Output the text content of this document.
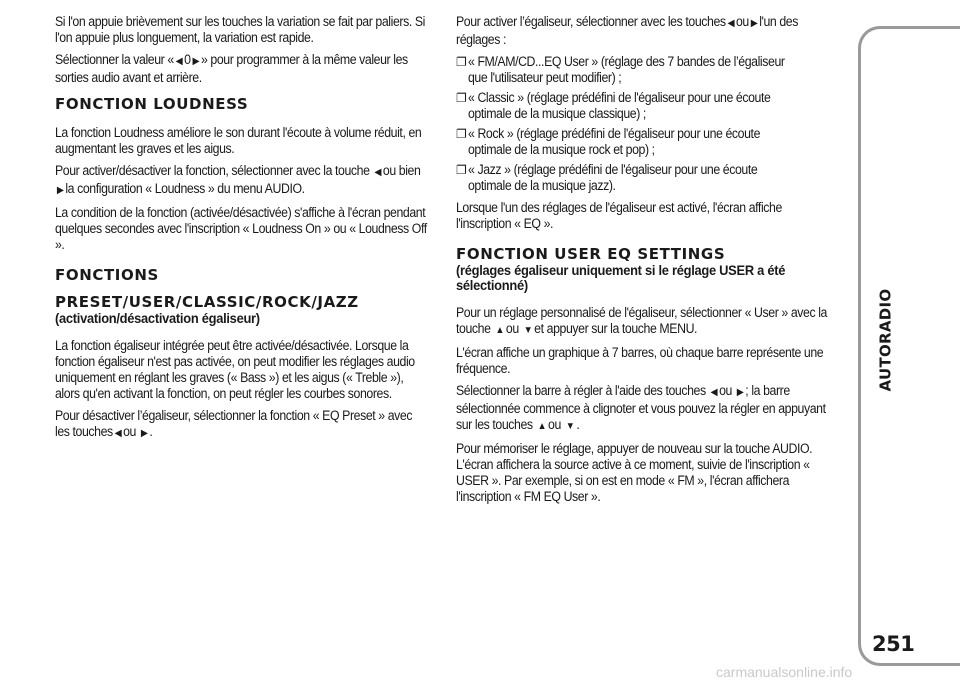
Si l'on appuie brièvement sur les touches la variation se fait par paliers. Si l'on appuie plus longuement, la variation est rapide.

Sélectionner la valeur « ◀ 0 ▶ » pour programmer à la même valeur les sorties audio avant et arrière.

FONCTION LOUDNESS

La fonction Loudness améliore le son durant l'écoute à volume réduit, en augmentant les graves et les aigus.

Pour activer/désactiver la fonction, sélectionner avec la touche ◀ ou bien ▶ la configuration « Loudness » du menu AUDIO.

La condition de la fonction (activée/désactivée) s'affiche à l'écran pendant quelques secondes avec l'inscription « Loudness On » ou « Loudness Off ».

FONCTIONS
PRESET/USER/CLASSIC/ROCK/JAZZ
(activation/désactivation égaliseur)

La fonction égaliseur intégrée peut être activée/désactivée. Lorsque la fonction égaliseur n'est pas activée, on peut modifier les réglages audio uniquement en réglant les graves (« Bass ») et les aigus (« Treble »), alors qu'en activant la fonction, on peut régler les courbes sonores.

Pour désactiver l’égaliseur, sélectionner la fonction « EQ Preset » avec les touches ◀ ou ▶ .

Pour activer l’égaliseur, sélectionner avec les touches ◀ ou ▶ l'un des réglages :

❐ « FM/AM/CD...EQ User » (réglage des 7 bandes de l’égaliseur que l'utilisateur peut modifier) ;

❐ « Classic » (réglage prédéfini de l'égaliseur pour une écoute optimale de la musique classique) ;

❐ « Rock » (réglage prédéfini de l'égaliseur pour une écoute optimale de la musique rock et pop) ;

❐ « Jazz » (réglage prédéfini de l'égaliseur pour une écoute optimale de la musique jazz).

Lorsque l'un des réglages de l'égaliseur est activé, l'écran affiche l'inscription « EQ ».

FONCTION USER EQ SETTINGS
(réglages égaliseur uniquement si le réglage USER a été sélectionné)

Pour un réglage personnalisé de l'égaliseur, sélectionner « User » avec la touche ▲ ou ▼ et appuyer sur la touche MENU.

L'écran affiche un graphique à 7 barres, où chaque barre représente une fréquence.

Sélectionner la barre à régler à l'aide des touches ◀ ou ▶ ; la barre sélectionnée commence à clignoter et vous pouvez la régler en appuyant sur les touches ▲ ou ▼ .

Pour mémoriser le réglage, appuyer de nouveau sur la touche AUDIO. L'écran affichera la source active à ce moment, suivie de l'inscription « USER ». Par exemple, si on est en mode « FM », l'écran affichera l'inscription « FM EQ User ».

AUTORADIO
251
carmanualsonline.info
